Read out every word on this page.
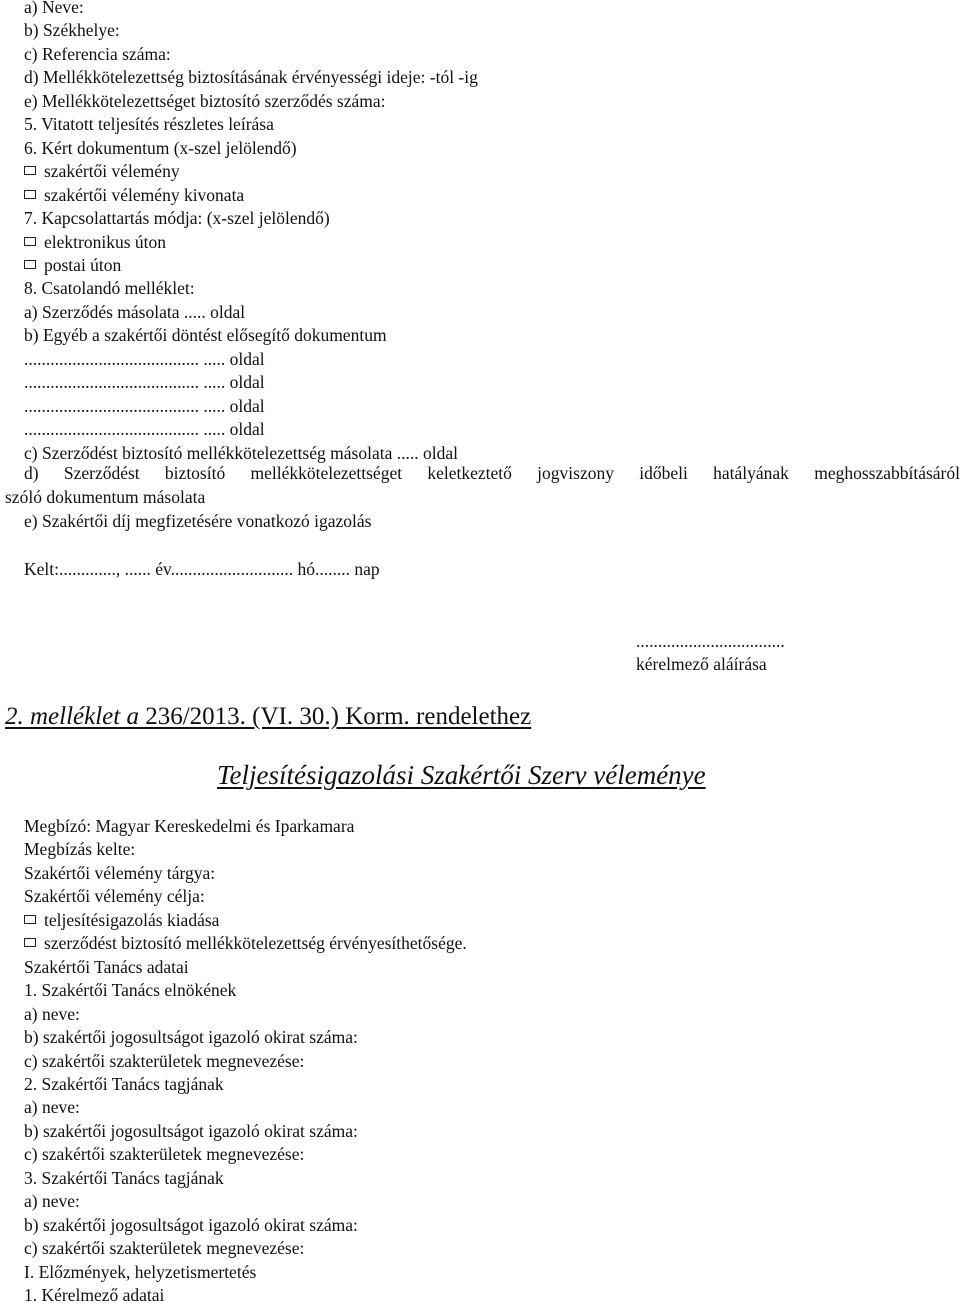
a) Neve:
b) Székhelye:
c) Referencia száma:
d) Mellékkötelezettség biztosításának érvényességi ideje: -tól -ig
e) Mellékkötelezettséget biztosító szerződés száma:
5. Vitatott teljesítés részletes leírása
6. Kért dokumentum (x-szel jelölendő)
szakértői vélemény
szakértői vélemény kivonata
7. Kapcsolattartás módja: (x-szel jelölendő)
elektronikus úton
postai úton
8. Csatolandó melléklet:
a) Szerződés másolata ..... oldal
b) Egyéb a szakértői döntést elősegítő dokumentum
........................................ ..... oldal
........................................ ..... oldal
........................................ ..... oldal
........................................ ..... oldal
c) Szerződést biztosító mellékkötelezettség másolata ..... oldal
d) Szerződést biztosító mellékkötelezettséget keletkeztető jogviszony időbeli hatályának meghosszabbításáról
szóló dokumentum másolata
e) Szakértői díj megfizetésére vonatkozó igazolás
Kelt:............., ...... év............................ hó........ nap
..................................
kérelmező aláírása
2. melléklet a 236/2013. (VI. 30.) Korm. rendelethez
Teljesítésigazolási Szakértői Szerv véleménye
Megbízó: Magyar Kereskedelmi és Iparkamara
Megbízás kelte:
Szakértői vélemény tárgya:
Szakértői vélemény célja:
teljesítésigazolás kiadása
szerződést biztosító mellékkötelezettség érvényesíthetősége.
Szakértői Tanács adatai
1. Szakértői Tanács elnökének
a) neve:
b) szakértői jogosultságot igazoló okirat száma:
c) szakértői szakterületek megnevezése:
2. Szakértői Tanács tagjának
a) neve:
b) szakértői jogosultságot igazoló okirat száma:
c) szakértői szakterületek megnevezése:
3. Szakértői Tanács tagjának
a) neve:
b) szakértői jogosultságot igazoló okirat száma:
c) szakértői szakterületek megnevezése:
I. Előzmények, helyzetismertetés
1. Kérelmező adatai
